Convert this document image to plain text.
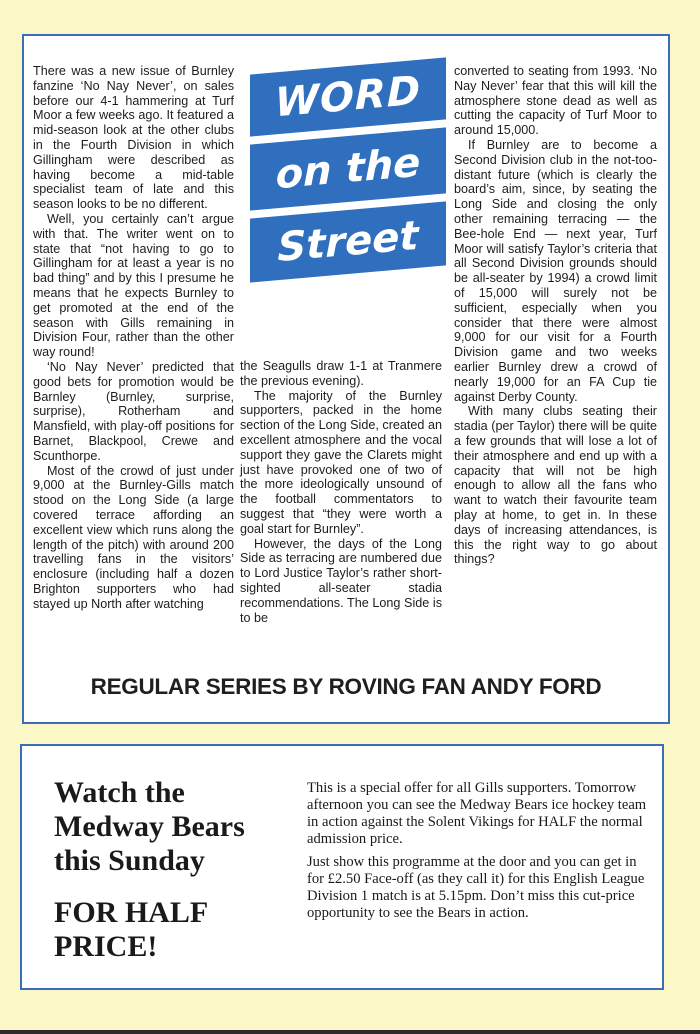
WORD
on the
Street

There was a new issue of Burnley fanzine ‘No Nay Never’, on sales before our 4-1 hammering at Turf Moor a few weeks ago. It featured a mid-season look at the other clubs in the Fourth Division in which Gillingham were described as having become a mid-table specialist team of late and this season looks to be no different.

Well, you certainly can’t argue with that. The writer went on to state that “not having to go to Gillingham for at least a year is no bad thing” and by this I presume he means that he expects Burnley to get promoted at the end of the season with Gills remaining in Division Four, rather than the other way round!

‘No Nay Never’ predicted that good bets for promotion would be Barnley (Burnley, surprise, surprise), Rotherham and Mansfield, with play-off positions for Barnet, Blackpool, Crewe and Scunthorpe.

Most of the crowd of just under 9,000 at the Burnley-Gills match stood on the Long Side (a large covered terrace affording an excellent view which runs along the length of the pitch) with around 200 travelling fans in the visitors’ enclosure (including half a dozen Brighton supporters who had stayed up North after watching

the Seagulls draw 1-1 at Tranmere the previous evening).

The majority of the Burnley supporters, packed in the home section of the Long Side, created an excellent atmosphere and the vocal support they gave the Clarets might just have provoked one of two of the more ideologically unsound of the football commentators to suggest that “they were worth a goal start for Burnley”.

However, the days of the Long Side as terracing are numbered due to Lord Justice Taylor’s rather short-sighted all-seater stadia recommendations. The Long Side is to be

converted to seating from 1993. ‘No Nay Never’ fear that this will kill the atmosphere stone dead as well as cutting the capacity of Turf Moor to around 15,000.

If Burnley are to become a Second Division club in the not-too-distant future (which is clearly the board’s aim, since, by seating the Long Side and closing the only other remaining terracing — the Bee-hole End — next year, Turf Moor will satisfy Taylor’s criteria that all Second Division grounds should be all-seater by 1994) a crowd limit of 15,000 will surely not be sufficient, especially when you consider that there were almost 9,000 for our visit for a Fourth Division game and two weeks earlier Burnley drew a crowd of nearly 19,000 for an FA Cup tie against Derby County.

With many clubs seating their stadia (per Taylor) there will be quite a few grounds that will lose a lot of their atmosphere and end up with a capacity that will not be high enough to allow all the fans who want to watch their favourite team play at home, to get in. In these days of increasing attendances, is this the right way to go about things?

REGULAR SERIES BY ROVING FAN ANDY FORD
Watch the Medway Bears this Sunday
FOR HALF PRICE!

This is a special offer for all Gills supporters. Tomorrow afternoon you can see the Medway Bears ice hockey team in action against the Solent Vikings for HALF the normal admission price.

Just show this programme at the door and you can get in for £2.50 Face-off (as they call it) for this English League Division 1 match is at 5.15pm. Don’t miss this cut-price opportunity to see the Bears in action.
